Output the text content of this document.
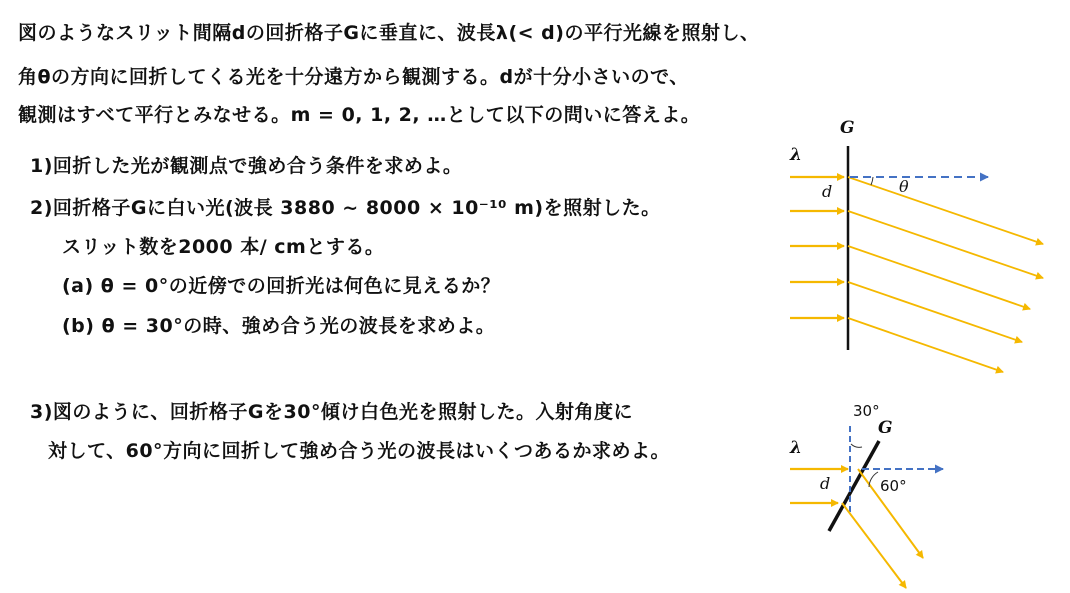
図のようなスリット間隔dの回折格子Gに垂直に、波長λ(< d)の平行光線を照射し、
角θの方向に回折してくる光を十分遠方から観測する。dが十分小さいので、
観測はすべて平行とみなせる。m = 0, 1, 2, …として以下の問いに答えよ。
1)回折した光が観測点で強め合う条件を求めよ。
2)回折格子Gに白い光(波長 3880 ~ 8000 × 10⁻¹⁰ m)を照射した。
スリット数を2000 本/ cmとする。
(a) θ = 0°の近傍での回折光は何色に見えるか？
(b) θ = 30°の時、強め合う光の波長を求めよ。
3)図のように、回折格子Gを30°傾け白色光を照射した。入射角度に
対して、60°方向に回折して強め合う光の波長はいくつあるか求めよ。
λ
G
d	θ
30°
G
λ
d	60°
